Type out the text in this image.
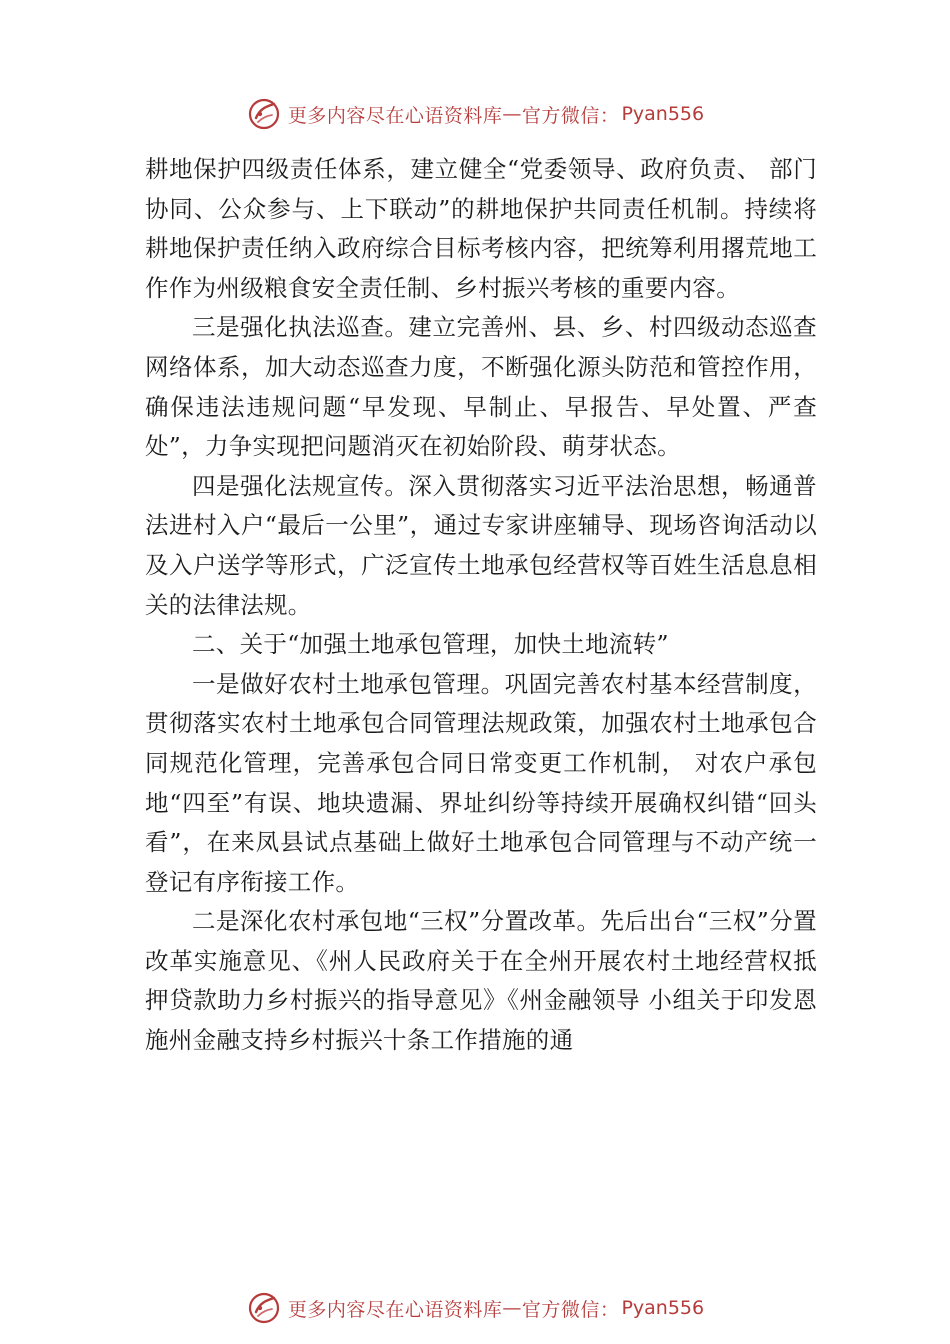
更多内容尽在心语资料库 — 官方微信： Pyan556

耕地保护四级责任体系，建立健全“党委领导、政府负责、 部门协同、公众参与、上下联动”的耕地保护共同责任机制。持续将耕地保护责任纳入政府综合目标考核内容，把统筹利用撂荒地工作作为州级粮食安全责任制、乡村振兴考核的重要内容。

三是强化执法巡查。建立完善州、县、乡、村四级动态巡查网络体系，加大动态巡查力度，不断强化源头防范和管控作用，确保违法违规问题“早发现、早制止、早报告、早处置、严查处”，力争实现把问题消灭在初始阶段、萌芽状态。

四是强化法规宣传。深入贯彻落实习近平法治思想，畅通普法进村入户“最后一公里”，通过专家讲座辅导、现场咨询活动以及入户送学等形式，广泛宣传土地承包经营权等百姓生活息息相关的法律法规。

二、关于“加强土地承包管理，加快土地流转”

一是做好农村土地承包管理。巩固完善农村基本经营制度，贯彻落实农村土地承包合同管理法规政策，加强农村土地承包合同规范化管理，完善承包合同日常变更工作机制， 对农户承包地“四至”有误、地块遗漏、界址纠纷等持续开展确权纠错“回头看”，在来凤县试点基础上做好土地承包合同管理与不动产统一登记有序衔接工作。

二是深化农村承包地“三权”分置改革。先后出台“三权”分置改革实施意见、《州人民政府关于在全州开展农村土地经营权抵押贷款助力乡村振兴的指导意见》《州金融领导 小组关于印发恩施州金融支持乡村振兴十条工作措施的通

更多内容尽在心语资料库 — 官方微信： Pyan556
